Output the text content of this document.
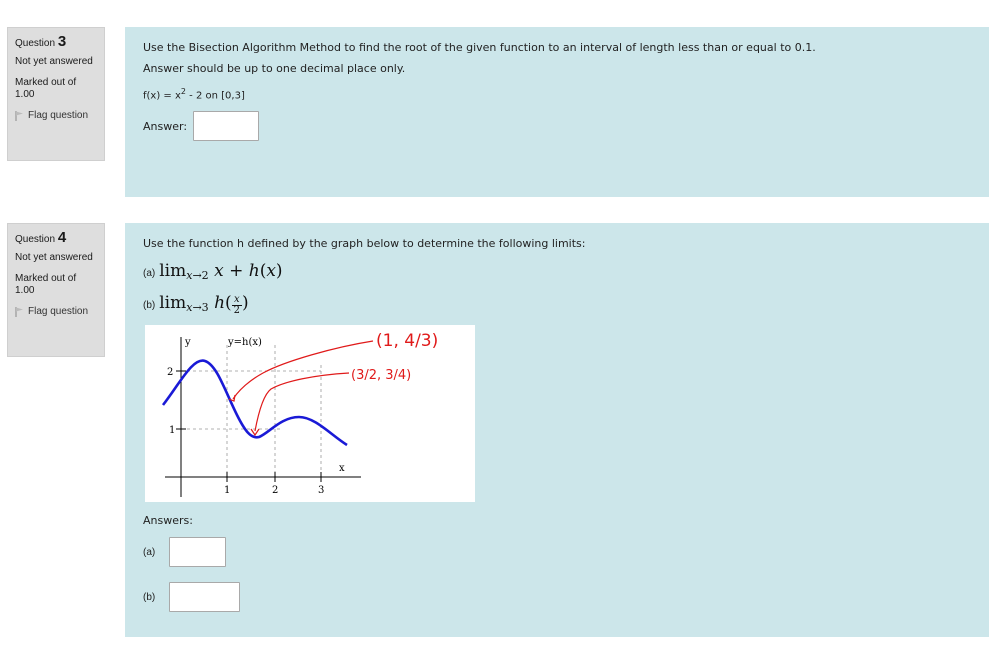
Question 3
Not yet answered
Marked out of 1.00
Flag question
Use the Bisection Algorithm Method to find the root of the given function to an interval of length less than or equal to 0.1.
Answer should be up to one decimal place only.
$f(x) = x^2 - 2$ on [0,3]
Answer:
Question 4
Not yet answered
Marked out of 1.00
Flag question
Use the function h defined by the graph below to determine the following limits:
(a) $\lim_{x\to 2} x + h(x)$
(b) $\lim_{x\to 3} h(\frac{x}{2})$
y	y=h(x)
x
2
1
1	2	3
(1, 4/3)
(3/2, 3/4)
Answers:
(a)
(b)
